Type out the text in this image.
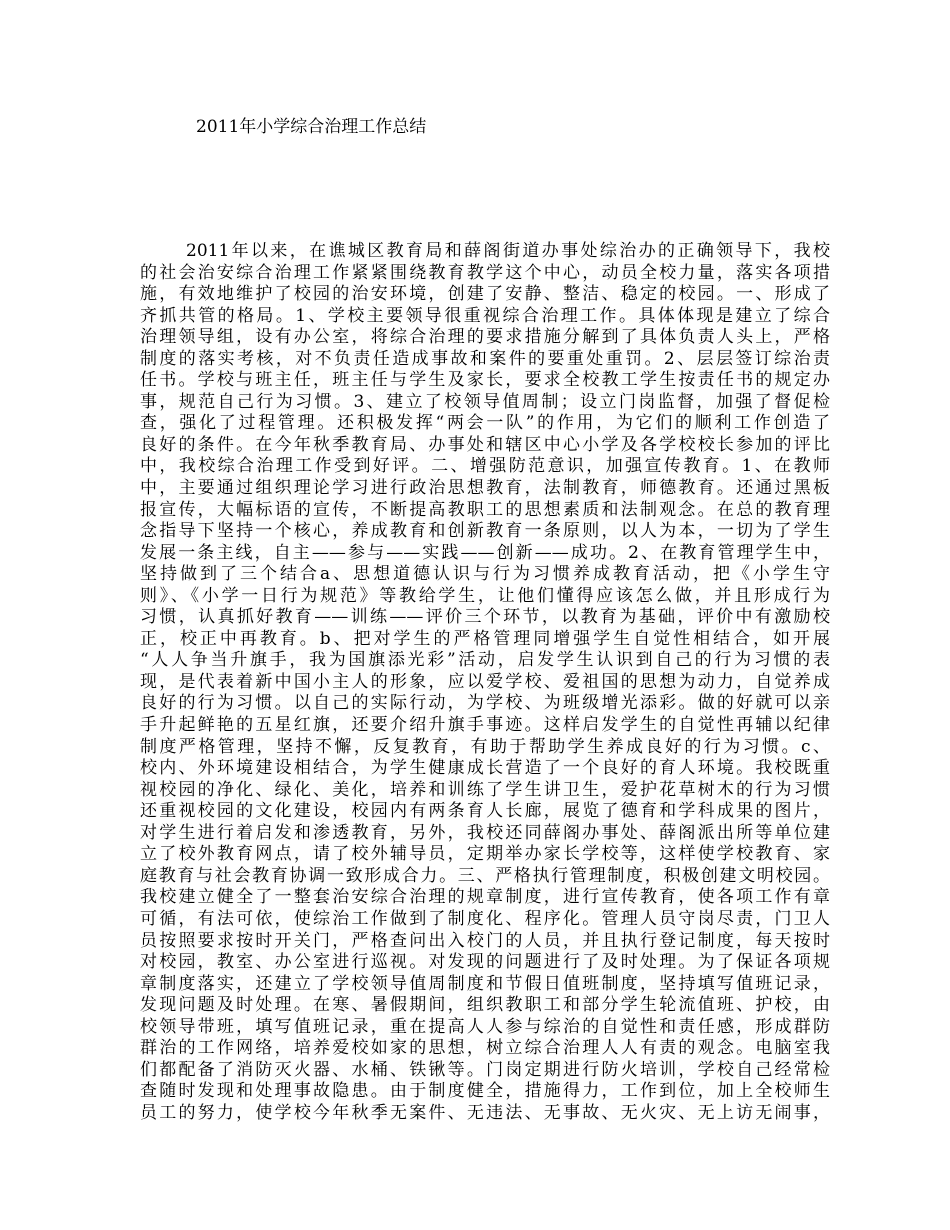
2011年小学综合治理工作总结
2011年以来，在谯城区教育局和薛阁街道办事处综治办的正确领导下，我校
的社会治安综合治理工作紧紧围绕教育教学这个中心，动员全校力量，落实各项措
施，有效地维护了校园的治安环境，创建了安静、整洁、稳定的校园。一、形成了
齐抓共管的格局。1、学校主要领导很重视综合治理工作。具体体现是建立了综合
治理领导组，设有办公室，将综合治理的要求措施分解到了具体负责人头上，严格
制度的落实考核，对不负责任造成事故和案件的要重处重罚。2、层层签订综治责
任书。学校与班主任，班主任与学生及家长，要求全校教工学生按责任书的规定办
事，规范自己行为习惯。3、建立了校领导值周制；设立门岗监督，加强了督促检
查，强化了过程管理。还积极发挥“两会一队”的作用，为它们的顺利工作创造了
良好的条件。在今年秋季教育局、办事处和辖区中心小学及各学校校长参加的评比
中，我校综合治理工作受到好评。二、增强防范意识，加强宣传教育。1、在教师
中，主要通过组织理论学习进行政治思想教育，法制教育，师德教育。还通过黑板
报宣传，大幅标语的宣传，不断提高教职工的思想素质和法制观念。在总的教育理
念指导下坚持一个核心，养成教育和创新教育一条原则，以人为本，一切为了学生
发展一条主线，自主——参与——实践——创新——成功。2、在教育管理学生中，
坚持做到了三个结合a、思想道德认识与行为习惯养成教育活动，把《小学生守
则》、《小学一日行为规范》等教给学生，让他们懂得应该怎么做，并且形成行为
习惯，认真抓好教育——训练——评价三个环节，以教育为基础，评价中有激励校
正，校正中再教育。b、把对学生的严格管理同增强学生自觉性相结合，如开展
“人人争当升旗手，我为国旗添光彩”活动，启发学生认识到自己的行为习惯的表
现，是代表着新中国小主人的形象，应以爱学校、爱祖国的思想为动力，自觉养成
良好的行为习惯。以自己的实际行动，为学校、为班级增光添彩。做的好就可以亲
手升起鲜艳的五星红旗，还要介绍升旗手事迹。这样启发学生的自觉性再辅以纪律
制度严格管理，坚持不懈，反复教育，有助于帮助学生养成良好的行为习惯。c、
校内、外环境建设相结合，为学生健康成长营造了一个良好的育人环境。我校既重
视校园的净化、绿化、美化，培养和训练了学生讲卫生，爱护花草树木的行为习惯
还重视校园的文化建设，校园内有两条育人长廊，展览了德育和学科成果的图片，
对学生进行着启发和渗透教育，另外，我校还同薛阁办事处、薛阁派出所等单位建
立了校外教育网点，请了校外辅导员，定期举办家长学校等，这样使学校教育、家
庭教育与社会教育协调一致形成合力。三、严格执行管理制度，积极创建文明校园。
我校建立健全了一整套治安综合治理的规章制度，进行宣传教育，使各项工作有章
可循，有法可依，使综治工作做到了制度化、程序化。管理人员守岗尽责，门卫人
员按照要求按时开关门，严格查问出入校门的人员，并且执行登记制度，每天按时
对校园，教室、办公室进行巡视。对发现的问题进行了及时处理。为了保证各项规
章制度落实，还建立了学校领导值周制度和节假日值班制度，坚持填写值班记录，
发现问题及时处理。在寒、暑假期间，组织教职工和部分学生轮流值班、护校，由
校领导带班，填写值班记录，重在提高人人参与综治的自觉性和责任感，形成群防
群治的工作网络，培养爱校如家的思想，树立综合治理人人有责的观念。电脑室我
们都配备了消防灭火器、水桶、铁锹等。门岗定期进行防火培训，学校自己经常检
查随时发现和处理事故隐患。由于制度健全，措施得力，工作到位，加上全校师生
员工的努力，使学校今年秋季无案件、无违法、无事故、无火灾、无上访无闹事，
